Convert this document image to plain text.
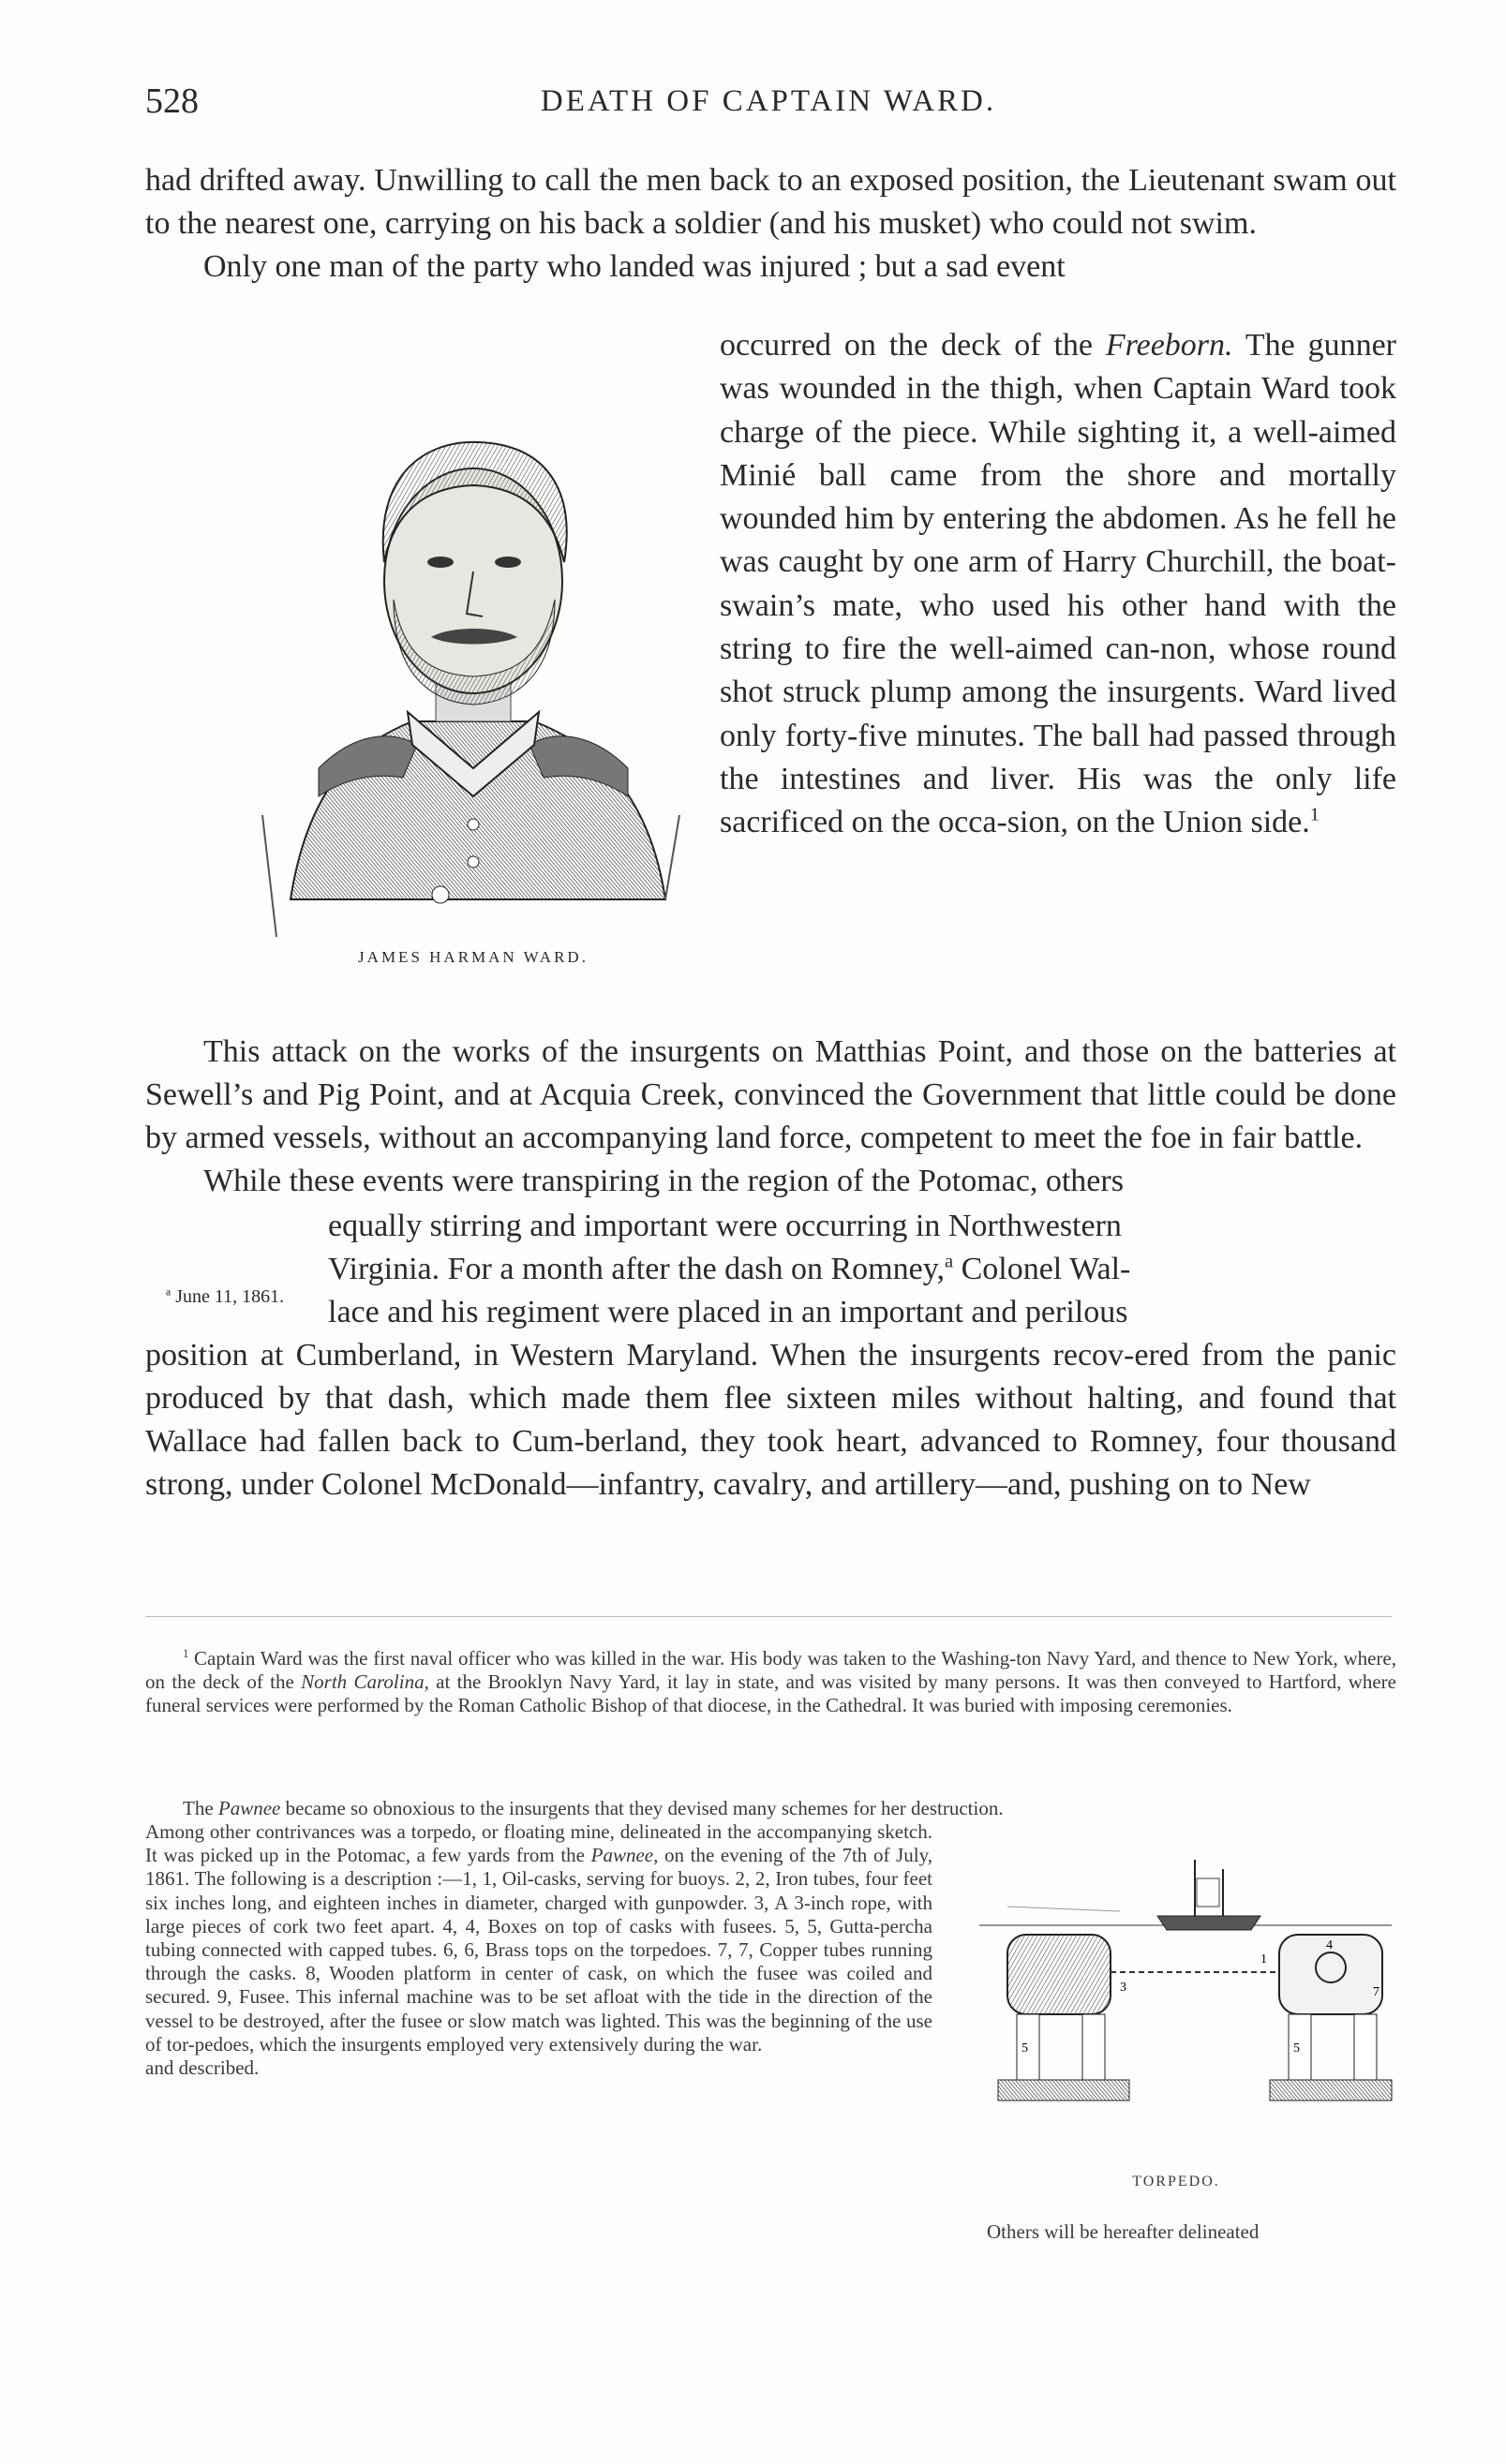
528	DEATH OF CAPTAIN WARD.

had drifted away. Unwilling to call the men back to an exposed position, the Lieutenant swam out to the nearest one, carrying on his back a soldier (and his musket) who could not swim.

Only one man of the party who landed was injured ; but a sad event

JAMES HARMAN WARD.
occurred on the deck of the Freeborn. The gunner was wounded in the thigh, when Captain Ward took charge of the piece. While sighting it, a well-aimed Minié ball came from the shore and mortally wounded him by entering the abdomen. As he fell he was caught by one arm of Harry Churchill, the boat-swain’s mate, who used his other hand with the string to fire the well-aimed can-non, whose round shot struck plump among the insurgents. Ward lived only forty-five minutes. The ball had passed through the intestines and liver. His was the only life sacrificed on the occa-sion, on the Union side.$^1$

This attack on the works of the insurgents on Matthias Point, and those on the batteries at Sewell’s and Pig Point, and at Acquia Creek, convinced the Government that little could be done by armed vessels, without an accompanying land force, competent to meet the foe in fair battle.

While these events were transpiring in the region of the Potomac, others

$^a$ June 11, 1861.
equally stirring and important were occurring in Northwestern
Virginia. For a month after the dash on Romney,$^a$ Colonel Wal-
lace and his regiment were placed in an important and perilous

position at Cumberland, in Western Maryland. When the insurgents recov-ered from the panic produced by that dash, which made them flee sixteen miles without halting, and found that Wallace had fallen back to Cum-berland, they took heart, advanced to Romney, four thousand strong, under Colonel McDonald—infantry, cavalry, and artillery—and, pushing on to New

$^1$ Captain Ward was the first naval officer who was killed in the war. His body was taken to the Washing-ton Navy Yard, and thence to New York, where, on the deck of the North Carolina, at the Brooklyn Navy Yard, it lay in state, and was visited by many persons. It was then conveyed to Hartford, where funeral services were performed by the Roman Catholic Bishop of that diocese, in the Cathedral. It was buried with imposing ceremonies.

The Pawnee became so obnoxious to the insurgents that they devised many schemes for her destruction.
Among other contrivances was a torpedo, or floating mine, delineated in the accompanying sketch. It was picked up in the Potomac, a few yards from the Pawnee, on the evening of the 7th of July, 1861. The following is a description :—1, 1, Oil-casks, serving for buoys. 2, 2, Iron tubes, four feet six inches long, and eighteen inches in diameter, charged with gunpowder. 3, A 3-inch rope, with large pieces of cork two feet apart. 4, 4, Boxes on top of casks with fusees. 5, 5, Gutta-percha tubing connected with capped tubes. 6, 6, Brass tops on the torpedoes. 7, 7, Copper tubes running through the casks. 8, Wooden platform in center of cask, on which the fusee was coiled and secured. 9, Fusee. This infernal machine was to be set afloat with the tide in the direction of the vessel to be destroyed, after the fusee or slow match was lighted. This was the beginning of the use of tor-pedoes, which the insurgents employed very extensively during the war.
and described.
3
5	5
1
4
7
TORPEDO.
Others will be hereafter delineated
